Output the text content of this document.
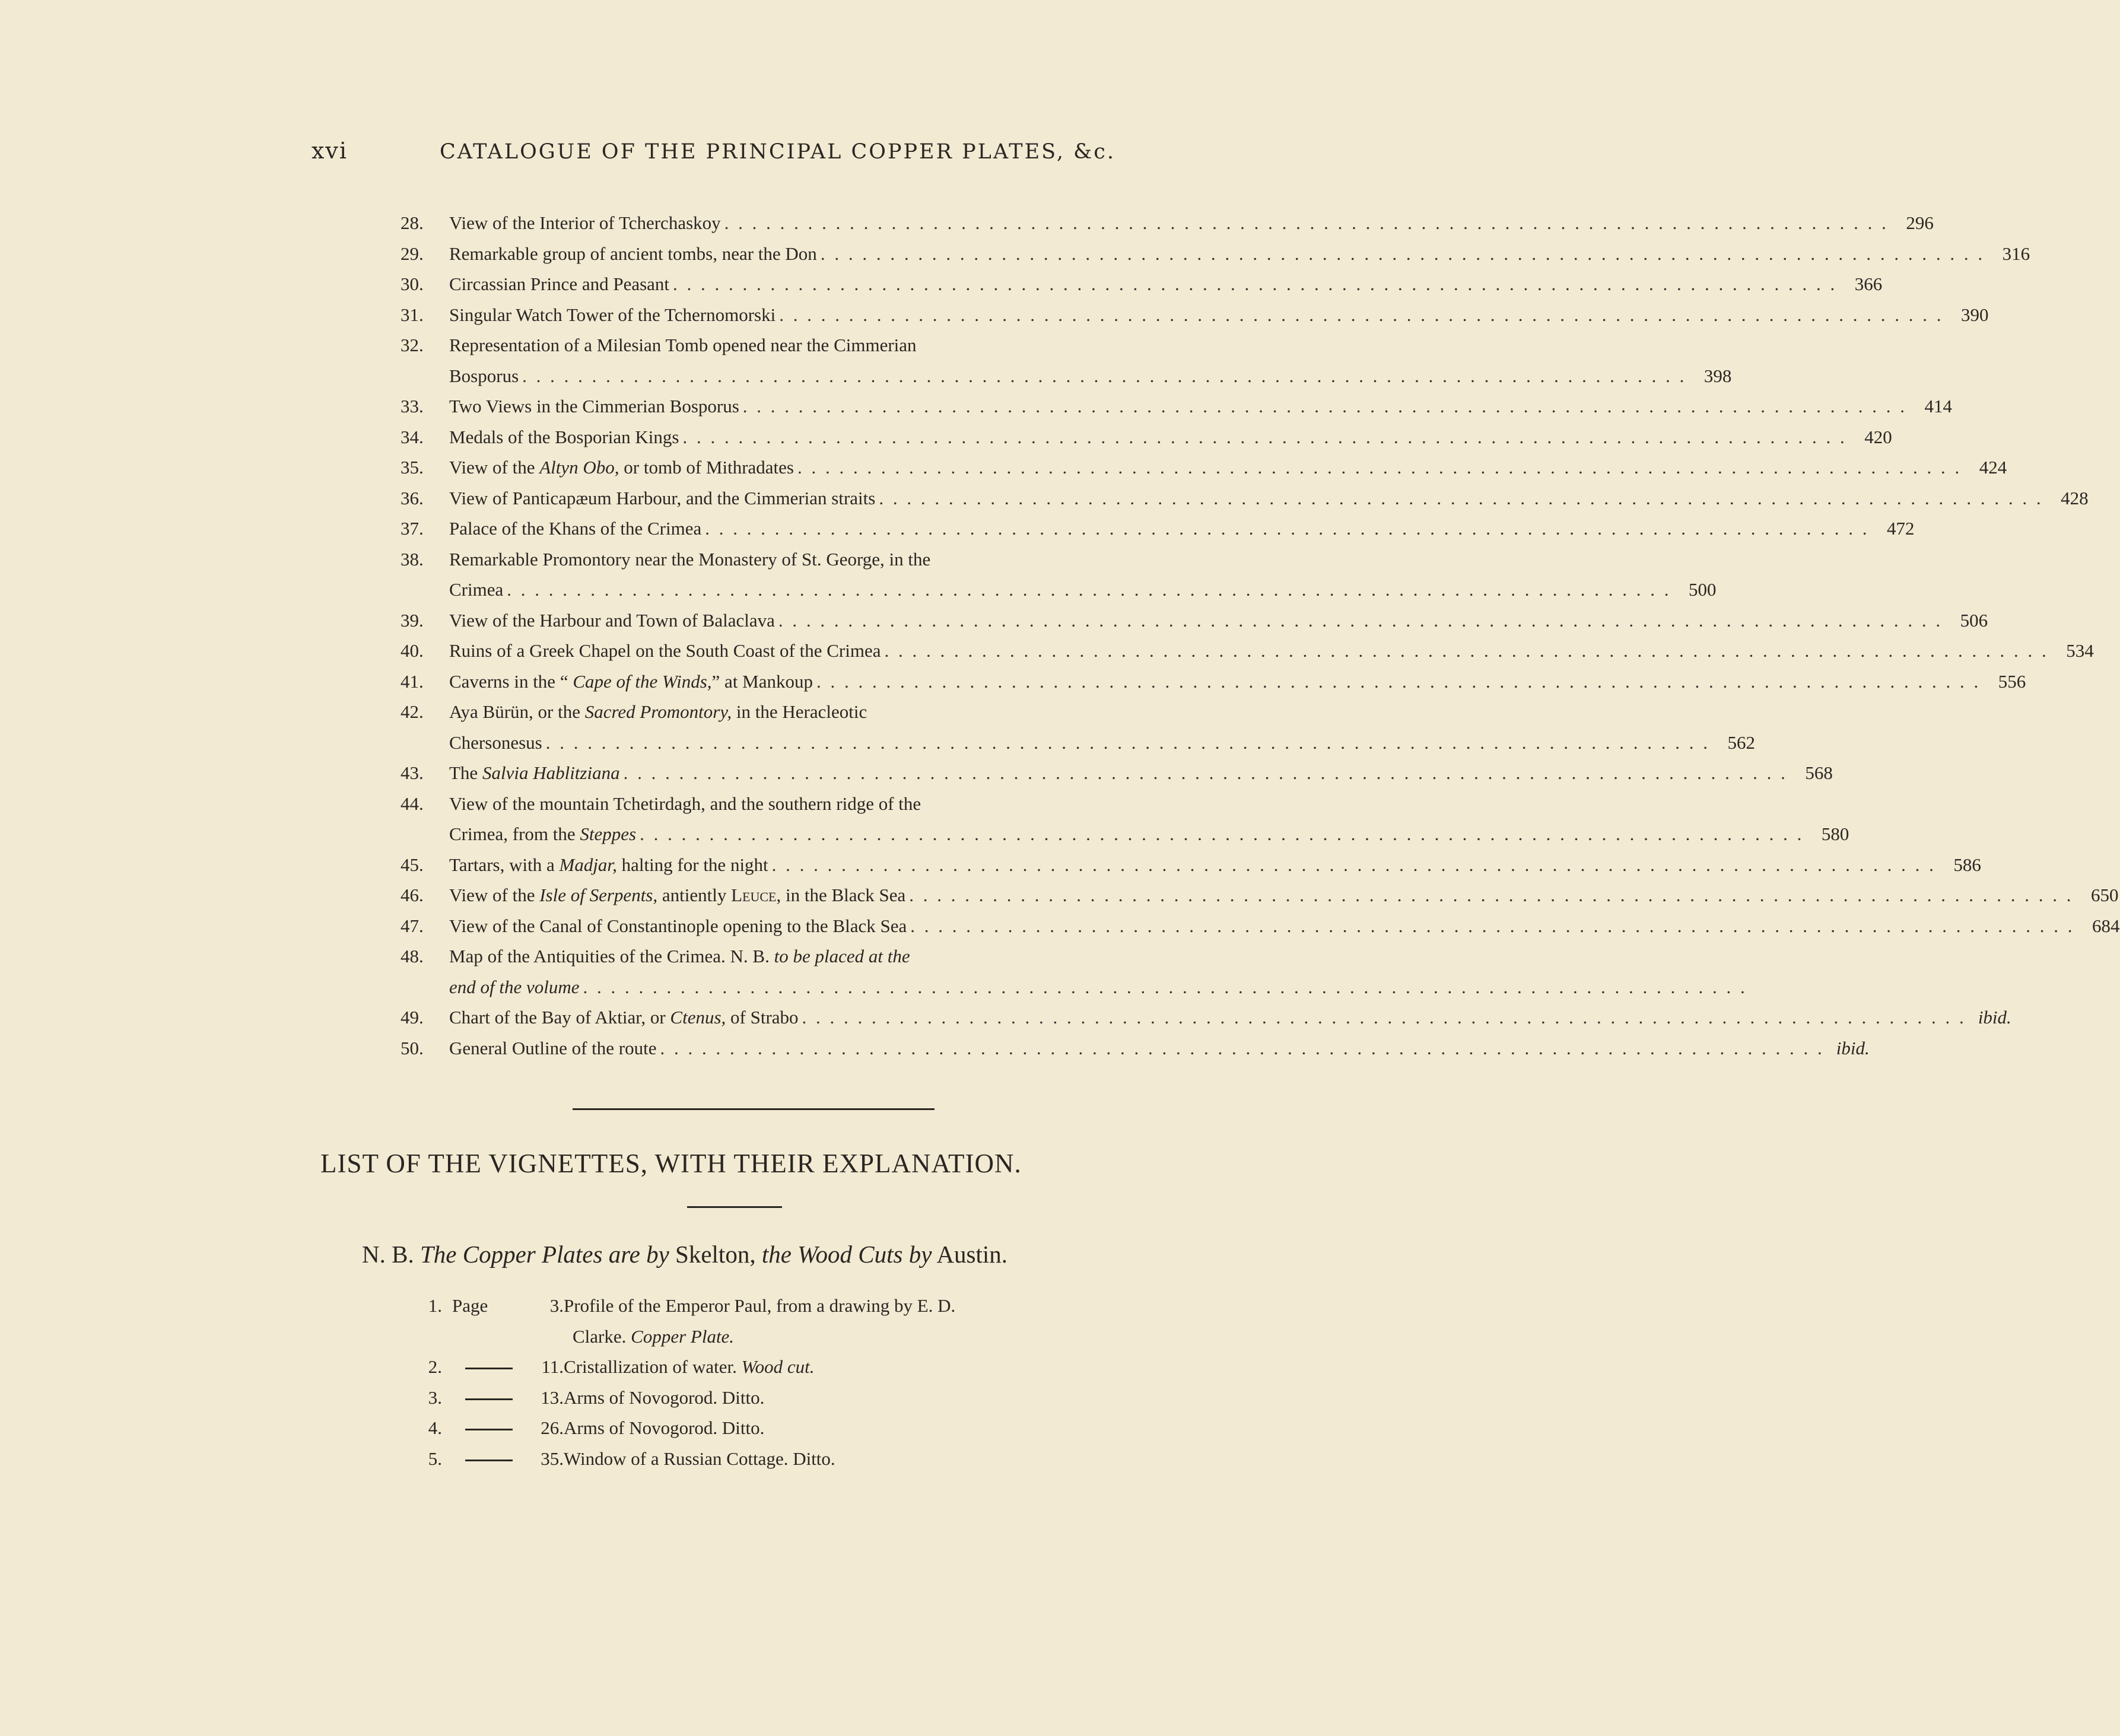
xvi	CATALOGUE OF THE PRINCIPAL COPPER PLATES, &c.
28.	View of the Interior of Tcherchaskoy . . . . . . . . . . . . . . . . . . . . . . . . . . . . . . . . . . . . . . . . . . . . . . . . . . . . . . . . . . . . . . . . . . . . . . . . . . . . . . . . . . . . 296
29.	Remarkable group of ancient tombs, near the Don . . . . . . . . . . . . . . . . . . . . . . . . . . . . . . . . . . . . . . . . . . . . . . . . . . . . . . . . . . . . . . . . . . . . . . . . . . . . . . . . . . . . 316
30.	Circassian Prince and Peasant . . . . . . . . . . . . . . . . . . . . . . . . . . . . . . . . . . . . . . . . . . . . . . . . . . . . . . . . . . . . . . . . . . . . . . . . . . . . . . . . . . . . 366
31.	Singular Watch Tower of the Tchernomorski . . . . . . . . . . . . . . . . . . . . . . . . . . . . . . . . . . . . . . . . . . . . . . . . . . . . . . . . . . . . . . . . . . . . . . . . . . . . . . . . . . . . 390
32.	Representation of a Milesian Tomb opened near the Cimmerian
Bosporus . . . . . . . . . . . . . . . . . . . . . . . . . . . . . . . . . . . . . . . . . . . . . . . . . . . . . . . . . . . . . . . . . . . . . . . . . . . . . . . . . . . . 398
33.	Two Views in the Cimmerian Bosporus . . . . . . . . . . . . . . . . . . . . . . . . . . . . . . . . . . . . . . . . . . . . . . . . . . . . . . . . . . . . . . . . . . . . . . . . . . . . . . . . . . . . 414
34.	Medals of the Bosporian Kings . . . . . . . . . . . . . . . . . . . . . . . . . . . . . . . . . . . . . . . . . . . . . . . . . . . . . . . . . . . . . . . . . . . . . . . . . . . . . . . . . . . . 420
35.	View of the Altyn Obo, or tomb of Mithradates . . . . . . . . . . . . . . . . . . . . . . . . . . . . . . . . . . . . . . . . . . . . . . . . . . . . . . . . . . . . . . . . . . . . . . . . . . . . . . . . . . . . 424
36.	View of Panticapæum Harbour, and the Cimmerian straits . . . . . . . . . . . . . . . . . . . . . . . . . . . . . . . . . . . . . . . . . . . . . . . . . . . . . . . . . . . . . . . . . . . . . . . . . . . . . . . . . . . . 428
37.	Palace of the Khans of the Crimea . . . . . . . . . . . . . . . . . . . . . . . . . . . . . . . . . . . . . . . . . . . . . . . . . . . . . . . . . . . . . . . . . . . . . . . . . . . . . . . . . . . . 472
38.	Remarkable Promontory near the Monastery of St. George, in the
Crimea . . . . . . . . . . . . . . . . . . . . . . . . . . . . . . . . . . . . . . . . . . . . . . . . . . . . . . . . . . . . . . . . . . . . . . . . . . . . . . . . . . . . 500
39.	View of the Harbour and Town of Balaclava . . . . . . . . . . . . . . . . . . . . . . . . . . . . . . . . . . . . . . . . . . . . . . . . . . . . . . . . . . . . . . . . . . . . . . . . . . . . . . . . . . . . 506
40.	Ruins of a Greek Chapel on the South Coast of the Crimea . . . . . . . . . . . . . . . . . . . . . . . . . . . . . . . . . . . . . . . . . . . . . . . . . . . . . . . . . . . . . . . . . . . . . . . . . . . . . . . . . . . . 534
41.	Caverns in the “ Cape of the Winds,” at Mankoup . . . . . . . . . . . . . . . . . . . . . . . . . . . . . . . . . . . . . . . . . . . . . . . . . . . . . . . . . . . . . . . . . . . . . . . . . . . . . . . . . . . . 556
42.	Aya Bürün, or the Sacred Promontory, in the Heracleotic
Chersonesus . . . . . . . . . . . . . . . . . . . . . . . . . . . . . . . . . . . . . . . . . . . . . . . . . . . . . . . . . . . . . . . . . . . . . . . . . . . . . . . . . . . . 562
43.	The Salvia Hablitziana . . . . . . . . . . . . . . . . . . . . . . . . . . . . . . . . . . . . . . . . . . . . . . . . . . . . . . . . . . . . . . . . . . . . . . . . . . . . . . . . . . . . 568
44.	View of the mountain Tchetirdagh, and the southern ridge of the
Crimea, from the Steppes . . . . . . . . . . . . . . . . . . . . . . . . . . . . . . . . . . . . . . . . . . . . . . . . . . . . . . . . . . . . . . . . . . . . . . . . . . . . . . . . . . . . 580
45.	Tartars, with a Madjar, halting for the night . . . . . . . . . . . . . . . . . . . . . . . . . . . . . . . . . . . . . . . . . . . . . . . . . . . . . . . . . . . . . . . . . . . . . . . . . . . . . . . . . . . . 586
46.	View of the Isle of Serpents, antiently Leuce, in the Black Sea . . . . . . . . . . . . . . . . . . . . . . . . . . . . . . . . . . . . . . . . . . . . . . . . . . . . . . . . . . . . . . . . . . . . . . . . . . . . . . . . . . . . 650
47.	View of the Canal of Constantinople opening to the Black Sea . . . . . . . . . . . . . . . . . . . . . . . . . . . . . . . . . . . . . . . . . . . . . . . . . . . . . . . . . . . . . . . . . . . . . . . . . . . . . . . . . . . . 684
48.	Map of the Antiquities of the Crimea. N. B. to be placed at the
end of the volume . . . . . . . . . . . . . . . . . . . . . . . . . . . . . . . . . . . . . . . . . . . . . . . . . . . . . . . . . . . . . . . . . . . . . . . . . . . . . . . . . . . .
49.	Chart of the Bay of Aktiar, or Ctenus, of Strabo . . . . . . . . . . . . . . . . . . . . . . . . . . . . . . . . . . . . . . . . . . . . . . . . . . . . . . . . . . . . . . . . . . . . . . . . . . . . . . . . . . . . ibid.
50.	General Outline of the route . . . . . . . . . . . . . . . . . . . . . . . . . . . . . . . . . . . . . . . . . . . . . . . . . . . . . . . . . . . . . . . . . . . . . . . . . . . . . . . . . . . . ibid.
LIST OF THE VIGNETTES, WITH THEIR EXPLANATION.
N. B. The Copper Plates are by Skelton, the Wood Cuts by Austin.
1. Page	3. Profile of the Emperor Paul, from a drawing by E. D.
Clarke. Copper Plate.
2.	11. Cristallization of water. Wood cut.
3.	13. Arms of Novogorod. Ditto.
4.	26. Arms of Novogorod. Ditto.
5.	35. Window of a Russian Cottage. Ditto.
